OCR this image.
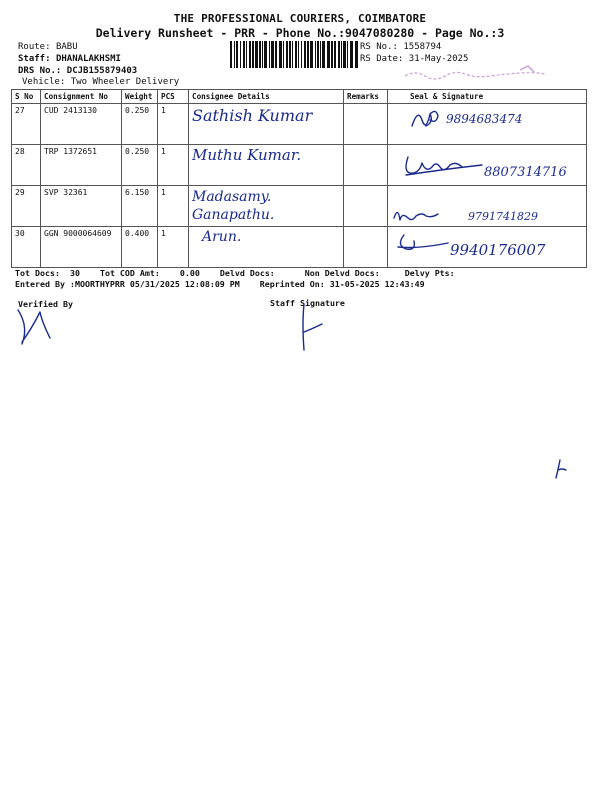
THE PROFESSIONAL COURIERS, COIMBATORE
Delivery Runsheet - PRR - Phone No.:9047080280 - Page No.:3
Route: BABU
Staff: DHANALAKHSMI
DRS No.: DCJB155879403
Vehicle: Two Wheeler Delivery
RS No.: 1558794
RS Date: 31-May-2025
S No	Consignment No	Weight	PCS	Consignee Details	Remarks	Seal & Signature
27	CUD 2413130	0.250	1	Sathish Kumar		9894683474

28	TRP 1372651	0.250	1	Muthu Kumar.		8807314716

29	SVP 32361	6.150	1	Madasamy. Ganapathu.		9791741829

30	GGN 9000064609	0.400	1	Arun.		9940176007
Tot Docs: 30 Tot COD Amt: 0.00 Delvd Docs:	Non Delvd Docs:	Delvy Pts:
Entered By :MOORTHYPRR 05/31/2025 12:08:09 PM Reprinted On: 31-05-2025 12:43:49
Verified By	Staff Signature
